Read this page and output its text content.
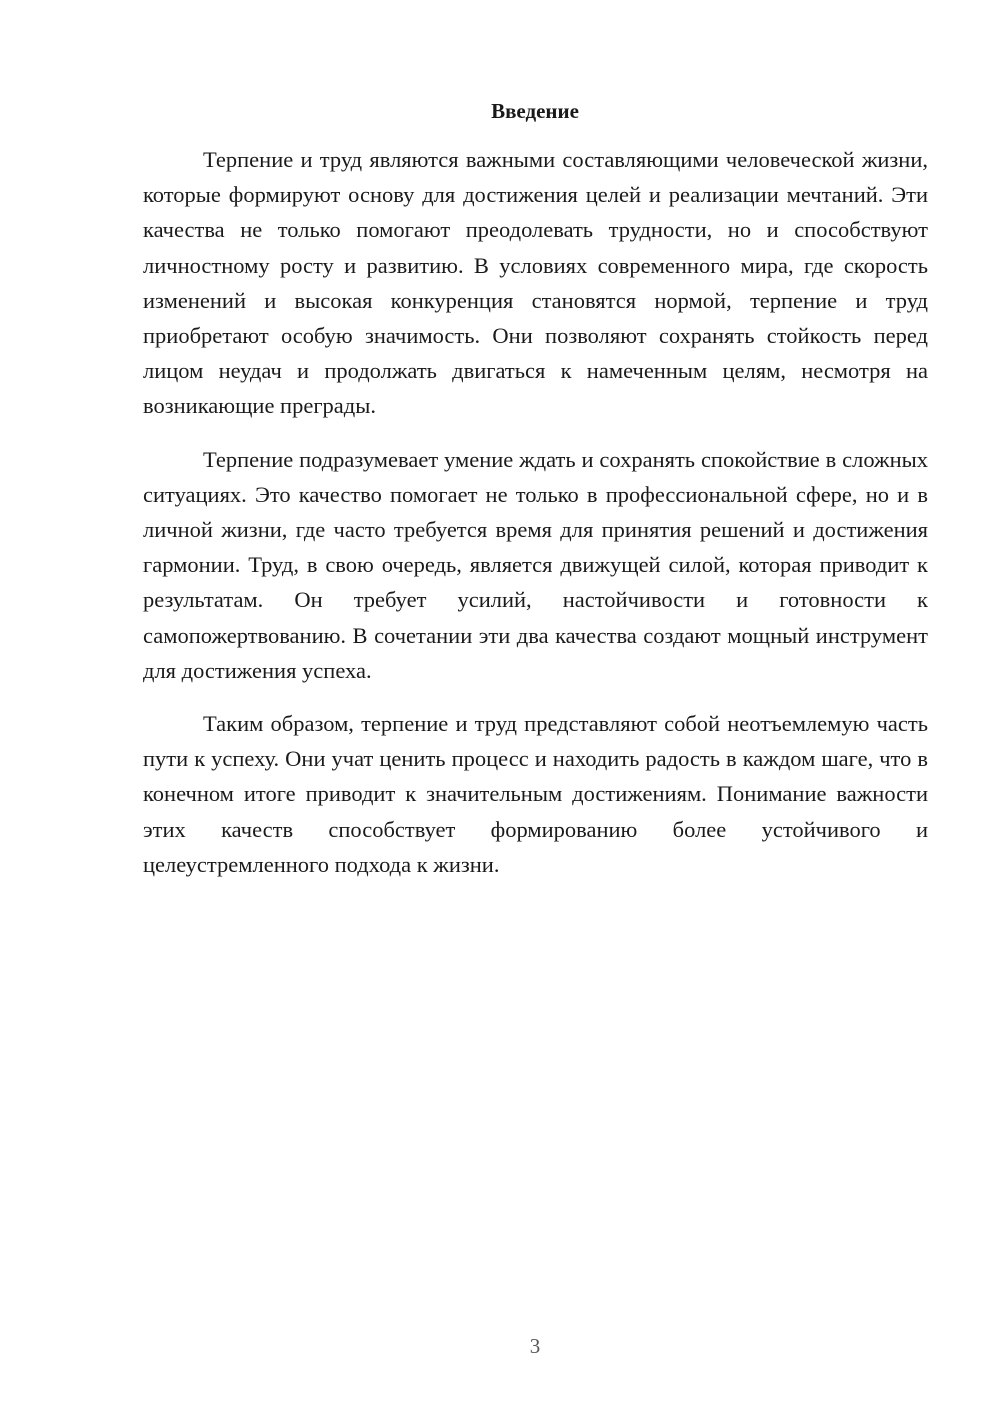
Введение

Терпение и труд являются важными составляющими человеческой жизни, которые формируют основу для достижения целей и реализации мечтаний. Эти качества не только помогают преодолевать трудности, но и способствуют личностному росту и развитию. В условиях современного мира, где скорость изменений и высокая конкуренция становятся нормой, терпение и труд приобретают особую значимость. Они позволяют сохранять стойкость перед лицом неудач и продолжать двигаться к намеченным целям, несмотря на возникающие преграды.

Терпение подразумевает умение ждать и сохранять спокойствие в сложных ситуациях. Это качество помогает не только в профессиональной сфере, но и в личной жизни, где часто требуется время для принятия решений и достижения гармонии. Труд, в свою очередь, является движущей силой, которая приводит к результатам. Он требует усилий, настойчивости и готовности к самопожертвованию. В сочетании эти два качества создают мощный инструмент для достижения успеха.

Таким образом, терпение и труд представляют собой неотъемлемую часть пути к успеху. Они учат ценить процесс и находить радость в каждом шаге, что в конечном итоге приводит к значительным достижениям. Понимание важности этих качеств способствует формированию более устойчивого и целеустремленного подхода к жизни.

3
